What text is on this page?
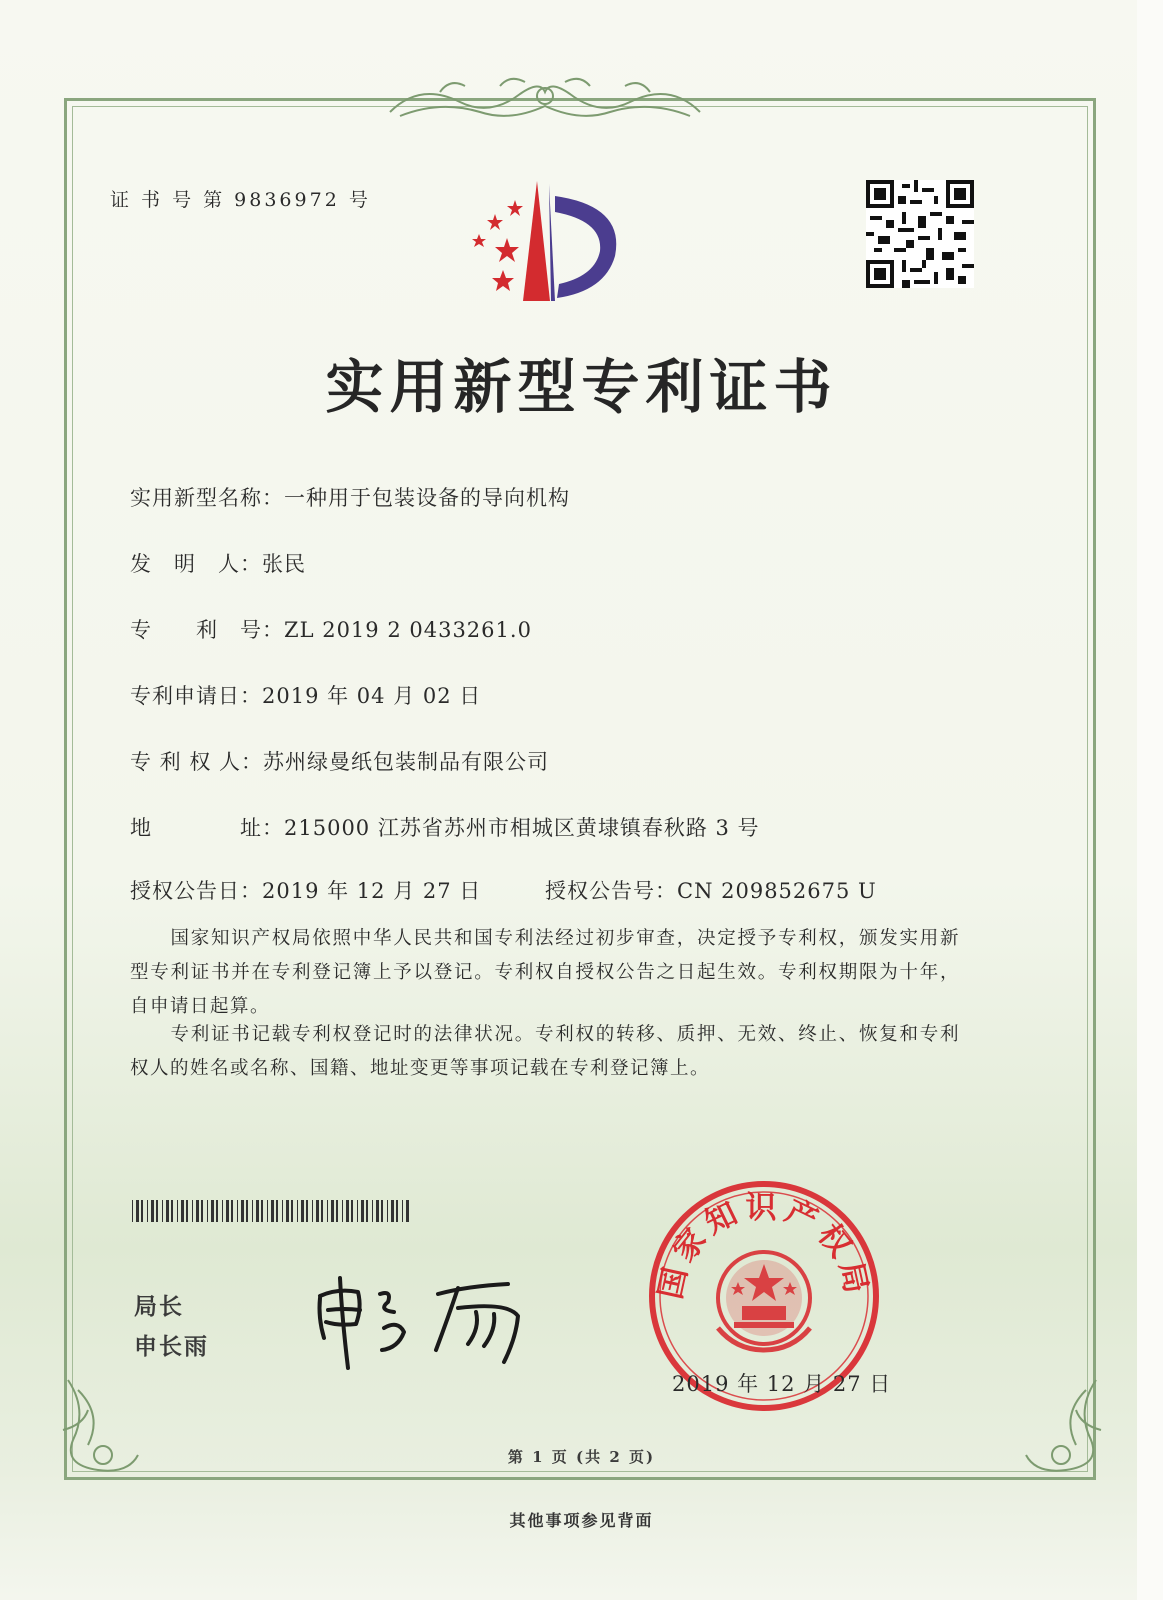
证 书 号 第 9836972 号
实用新型专利证书
实用新型名称：一种用于包装设备的导向机构
发　明　人：张民
专　　利　号：ZL 2019 2 0433261.0
专利申请日：2019 年 04 月 02 日
专 利 权 人：苏州绿曼纸包装制品有限公司
地　　　　址：215000 江苏省苏州市相城区黄埭镇春秋路 3 号
授权公告日：2019 年 12 月 27 日	授权公告号：CN 209852675 U
　　国家知识产权局依照中华人民共和国专利法经过初步审查，决定授予专利权，颁发实用新型专利证书并在专利登记簿上予以登记。专利权自授权公告之日起生效。专利权期限为十年，自申请日起算。
　　专利证书记载专利权登记时的法律状况。专利权的转移、质押、无效、终止、恢复和专利权人的姓名或名称、国籍、地址变更等事项记载在专利登记簿上。
局长
申长雨
国家知识产权局
2019 年 12 月 27 日
第 1 页 (共 2 页)
其他事项参见背面
